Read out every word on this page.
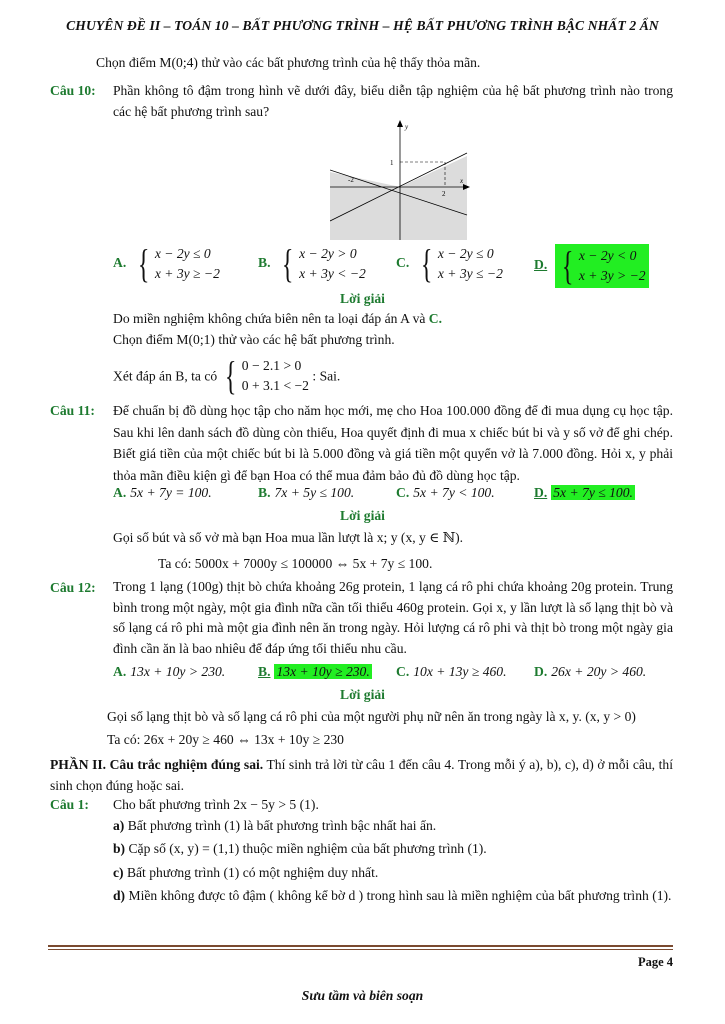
CHUYÊN ĐỀ II – TOÁN 10 – BẤT PHƯƠNG TRÌNH – HỆ BẤT PHƯƠNG TRÌNH BẬC NHẤT 2 ẨN
Chọn điểm M(0;4) thử vào các bất phương trình của hệ thấy thỏa mãn.
Câu 10: Phần không tô đậm trong hình vẽ dưới đây, biểu diễn tập nghiệm của hệ bất phương trình nào trong các hệ bất phương trình sau?
y
x
-2
1
2
A. { x − 2y ≤ 0
x + 3y ≥ −2
B. { x − 2y > 0
x + 3y < −2
C. { x − 2y ≤ 0
x + 3y ≤ −2
D. { x − 2y < 0
x + 3y > −2
Lời giải
Do miền nghiệm không chứa biên nên ta loại đáp án A và C.
Chọn điểm M(0;1) thử vào các hệ bất phương trình.
Xét đáp án B, ta có { 0 − 2.1 > 0
0 + 3.1 < −2
: Sai.
Câu 11: Để chuẩn bị đồ dùng học tập cho năm học mới, mẹ cho Hoa 100.000 đồng để đi mua dụng cụ học tập. Sau khi lên danh sách đồ dùng còn thiếu, Hoa quyết định đi mua x chiếc bút bi và y số vở để ghi chép. Biết giá tiền của một chiếc bút bi là 5.000 đồng và giá tiền một quyển vở là 7.000 đồng. Hỏi x, y phải thỏa mãn điều kiện gì để bạn Hoa có thể mua đảm bảo đủ đồ dùng học tập.
A. 5x + 7y = 100.	B. 7x + 5y ≤ 100.	C. 5x + 7y < 100.	D. 5x + 7y ≤ 100.
Lời giải
Gọi số bút và số vở mà bạn Hoa mua lần lượt là x; y (x, y ∈ ℕ).
Ta có: 5000x + 7000y ≤ 100000 ⇔ 5x + 7y ≤ 100.
Câu 12: Trong 1 lạng (100g) thịt bò chứa khoảng 26g protein, 1 lạng cá rô phi chứa khoảng 20g protein. Trung bình trong một ngày, một gia đình nữa cần tối thiểu 460g protein. Gọi x, y lần lượt là số lạng thịt bò và số lạng cá rô phi mà một gia đình nên ăn trong ngày. Hỏi lượng cá rô phi và thịt bò trong một ngày gia đình cần ăn là bao nhiêu để đáp ứng tối thiểu nhu cầu.
A. 13x + 10y > 230. B. 13x + 10y ≥ 230. C. 10x + 13y ≥ 460. D. 26x + 20y > 460.
Lời giải
Gọi số lạng thịt bò và số lạng cá rô phi của một người phụ nữ nên ăn trong ngày là x, y. (x, y > 0)
Ta có: 26x + 20y ≥ 460 ⇔ 13x + 10y ≥ 230
PHẦN II. Câu trắc nghiệm đúng sai. Thí sinh trả lời từ câu 1 đến câu 4. Trong mỗi ý a), b), c), d) ở mỗi câu, thí sinh chọn đúng hoặc sai.
Câu 1: Cho bất phương trình 2x − 5y > 5 (1).
a) Bất phương trình (1) là bất phương trình bậc nhất hai ẩn.
b) Cặp số (x, y) = (1,1) thuộc miền nghiệm của bất phương trình (1).
c) Bất phương trình (1) có một nghiệm duy nhất.
d) Miền không được tô đậm ( không kể bờ d ) trong hình sau là miền nghiệm của bất phương trình (1).
Page 4
Sưu tầm và biên soạn
